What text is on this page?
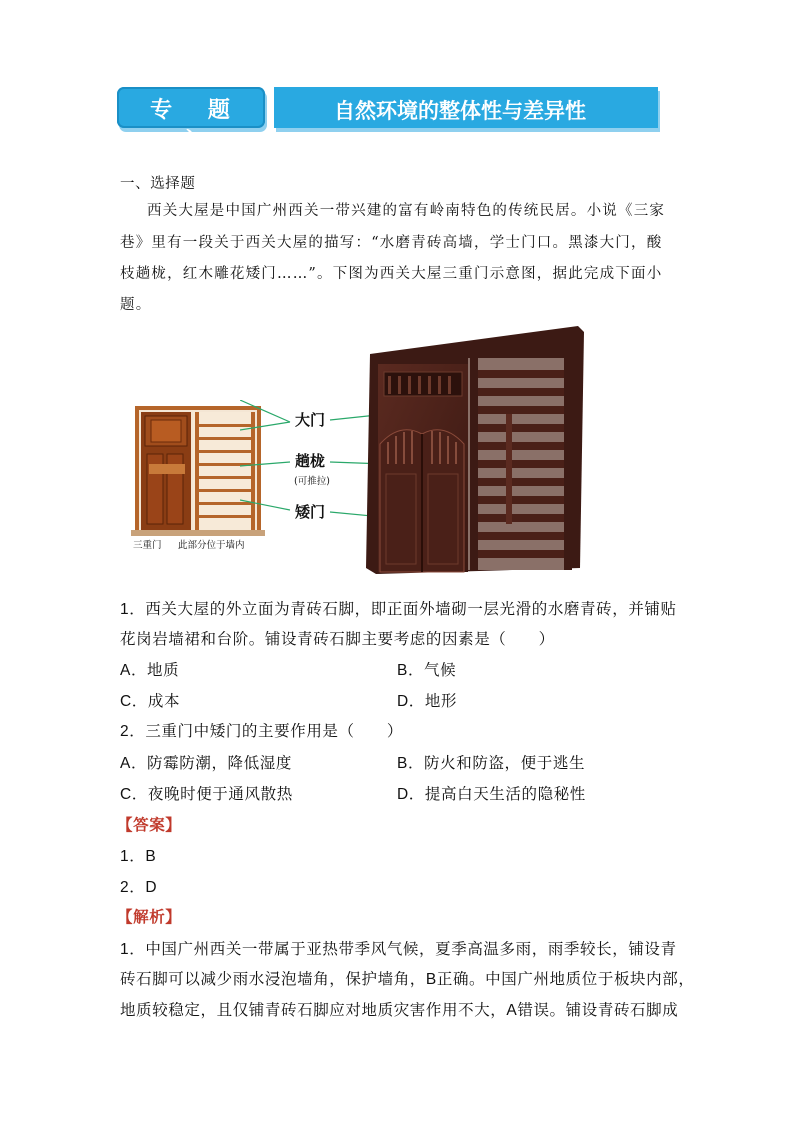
专 题 六
自然环境的整体性与差异性
一、选择题
西关大屋是中国广州西关一带兴建的富有岭南特色的传统民居。小说《三家
巷》里有一段关于西关大屋的描写：“水磨青砖高墙，学士门口。黑漆大门，酸
枝趟栊，红木雕花矮门……”。下图为西关大屋三重门示意图，据此完成下面小
题。
三重门 此部分位于墙内
大门
趟栊
(可推拉)
矮门
1．西关大屋的外立面为青砖石脚，即正面外墙砌一层光滑的水磨青砖，并铺贴
花岗岩墙裙和台阶。铺设青砖石脚主要考虑的因素是（　　）
A．地质	B．气候
C．成本	D．地形
2．三重门中矮门的主要作用是（　　）
A．防霉防潮，降低湿度	B．防火和防盗，便于逃生
C．夜晚时便于通风散热	D．提高白天生活的隐秘性
【答案】
1．B
2．D
【解析】
1．中国广州西关一带属于亚热带季风气候，夏季高温多雨，雨季较长，铺设青
砖石脚可以减少雨水浸泡墙角，保护墙角，B正确。中国广州地质位于板块内部，
地质较稳定，且仅铺青砖石脚应对地质灾害作用不大，A错误。铺设青砖石脚成
